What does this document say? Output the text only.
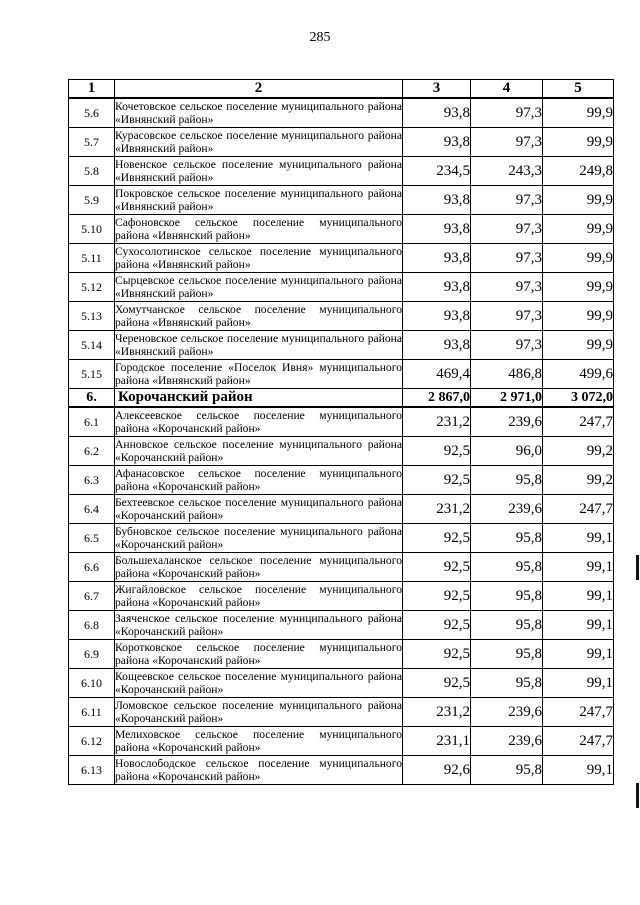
285
1	2	3	4	5
5.6	Кочетовское сельское поселение муниципального района «Ивнянский район»	93,8	97,3	99,9
5.7	Курасовское сельское поселение муниципального района «Ивнянский район»	93,8	97,3	99,9
5.8	Новенское сельское поселение муниципального района «Ивнянский район»	234,5	243,3	249,8
5.9	Покровское сельское поселение муниципального района «Ивнянский район»	93,8	97,3	99,9
5.10	Сафоновское сельское поселение муниципального района «Ивнянский район»	93,8	97,3	99,9
5.11	Сухосолотинское сельское поселение муниципального района «Ивнянский район»	93,8	97,3	99,9
5.12	Сырцевское сельское поселение муниципального района «Ивнянский район»	93,8	97,3	99,9
5.13	Хомутчанское сельское поселение муниципального района «Ивнянский район»	93,8	97,3	99,9
5.14	Череновское сельское поселение муниципального района «Ивнянский район»	93,8	97,3	99,9
5.15	Городское поселение «Поселок Ивня» муниципального района «Ивнянский район»	469,4	486,8	499,6
6.	Корочанский район	2 867,0	2 971,0	3 072,0
6.1	Алексеевское сельское поселение муниципального района «Корочанский район»	231,2	239,6	247,7
6.2	Анновское сельское поселение муниципального района «Корочанский район»	92,5	96,0	99,2
6.3	Афанасовское сельское поселение муниципального района «Корочанский район»	92,5	95,8	99,2
6.4	Бехтеевское сельское поселение муниципального района «Корочанский район»	231,2	239,6	247,7
6.5	Бубновское сельское поселение муниципального района «Корочанский район»	92,5	95,8	99,1
6.6	Большехаланское сельское поселение муниципального района «Корочанский район»	92,5	95,8	99,1
6.7	Жигайловское сельское поселение муниципального района «Корочанский район»	92,5	95,8	99,1
6.8	Заяченское сельское поселение муниципального района «Корочанский район»	92,5	95,8	99,1
6.9	Коротковское сельское поселение муниципального района «Корочанский район»	92,5	95,8	99,1
6.10	Кощеевское сельское поселение муниципального района «Корочанский район»	92,5	95,8	99,1
6.11	Ломовское сельское поселение муниципального района «Корочанский район»	231,2	239,6	247,7
6.12	Мелиховское сельское поселение муниципального района «Корочанский район»	231,1	239,6	247,7
6.13	Новослободское сельское поселение муниципального района «Корочанский район»	92,6	95,8	99,1
